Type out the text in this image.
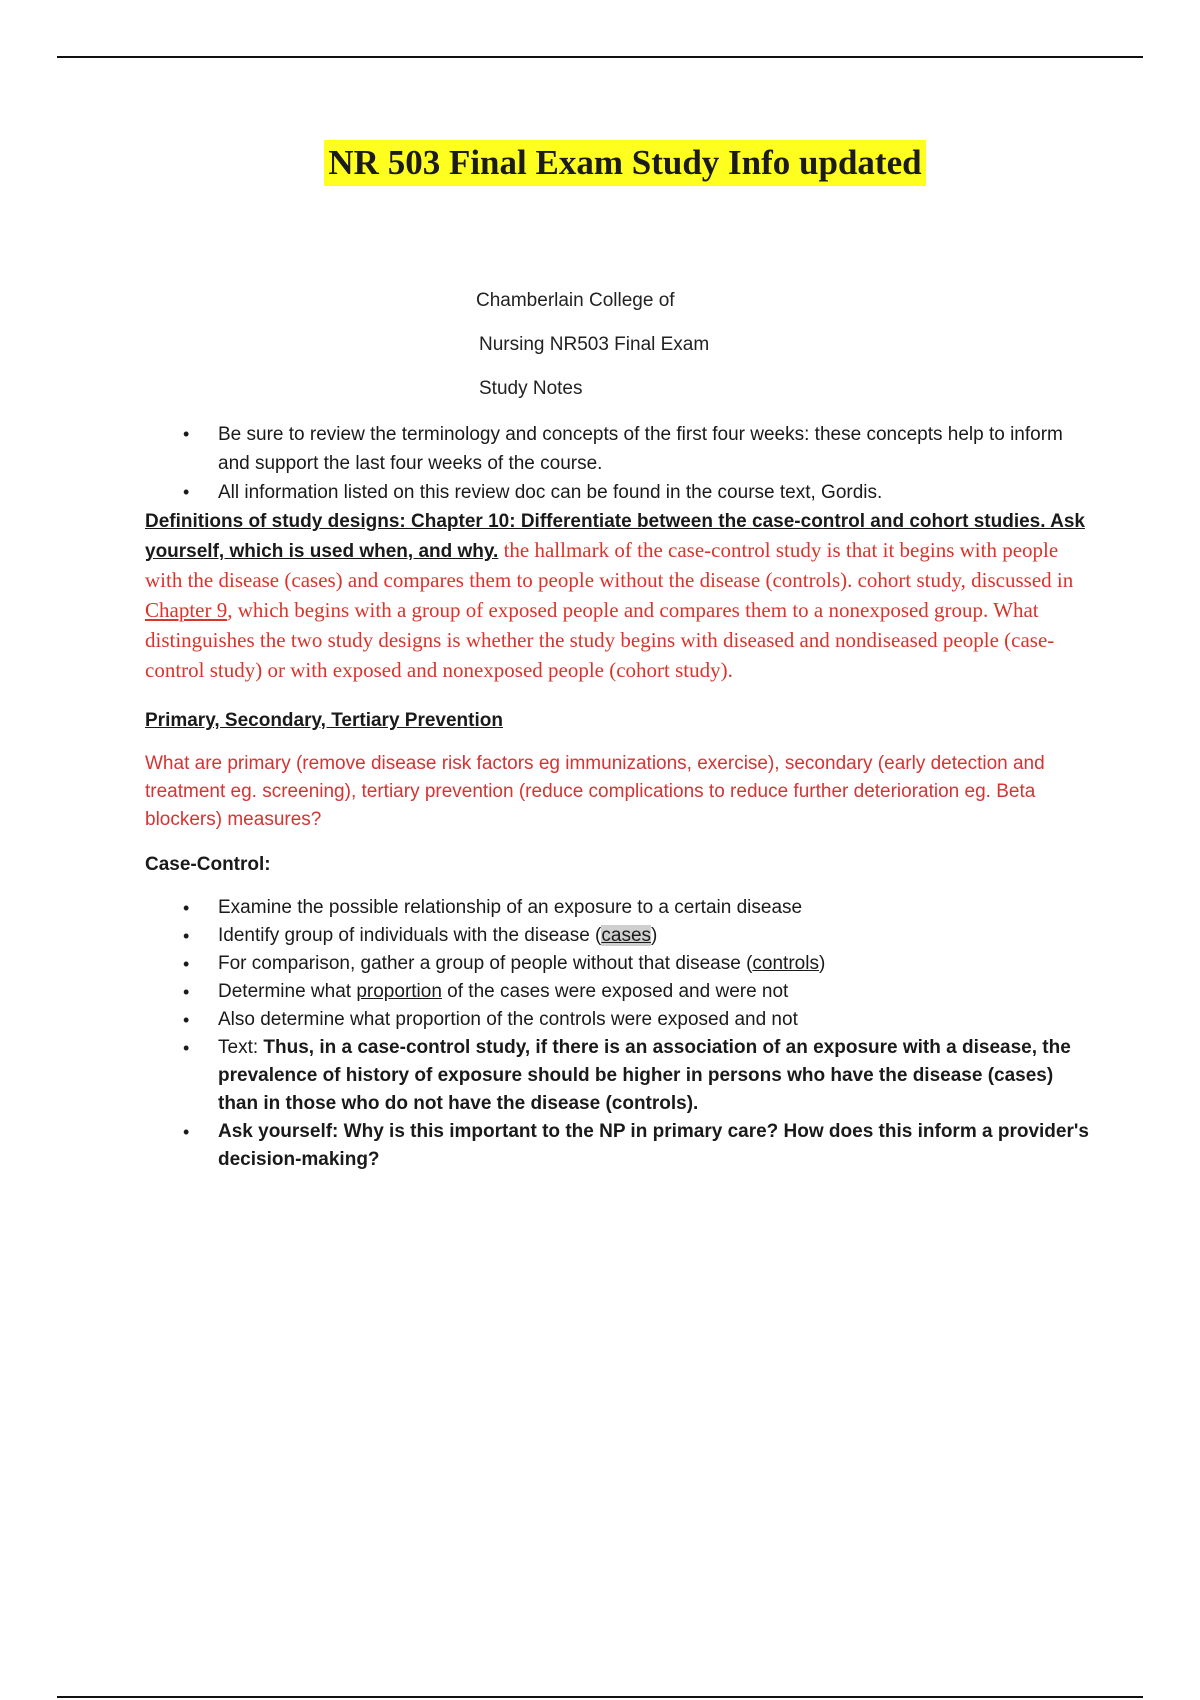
NR 503 Final Exam Study Info updated
Chamberlain College of
Nursing NR503 Final Exam
Study Notes
• Be sure to review the terminology and concepts of the first four weeks: these concepts help to inform and support the last four weeks of the course.
• All information listed on this review doc can be found in the course text, Gordis.
Definitions of study designs: Chapter 10: Differentiate between the case-control and cohort studies. Ask yourself, which is used when, and why. the hallmark of the case-control study is that it begins with people with the disease (cases) and compares them to people without the disease (controls). cohort study, discussed in Chapter 9, which begins with a group of exposed people and compares them to a nonexposed group. What distinguishes the two study designs is whether the study begins with diseased and nondiseased people (case-control study) or with exposed and nonexposed people (cohort study).
Primary, Secondary, Tertiary Prevention
What are primary (remove disease risk factors eg immunizations, exercise), secondary (early detection and treatment eg. screening), tertiary prevention (reduce complications to reduce further deterioration eg. Beta blockers) measures?
Case-Control:
• Examine the possible relationship of an exposure to a certain disease
• Identify group of individuals with the disease (cases)
• For comparison, gather a group of people without that disease (controls)
• Determine what proportion of the cases were exposed and were not
• Also determine what proportion of the controls were exposed and not
• Text: Thus, in a case-control study, if there is an association of an exposure with a disease, the prevalence of history of exposure should be higher in persons who have the disease (cases) than in those who do not have the disease (controls).
• Ask yourself: Why is this important to the NP in primary care? How does this inform a provider's decision-making?
